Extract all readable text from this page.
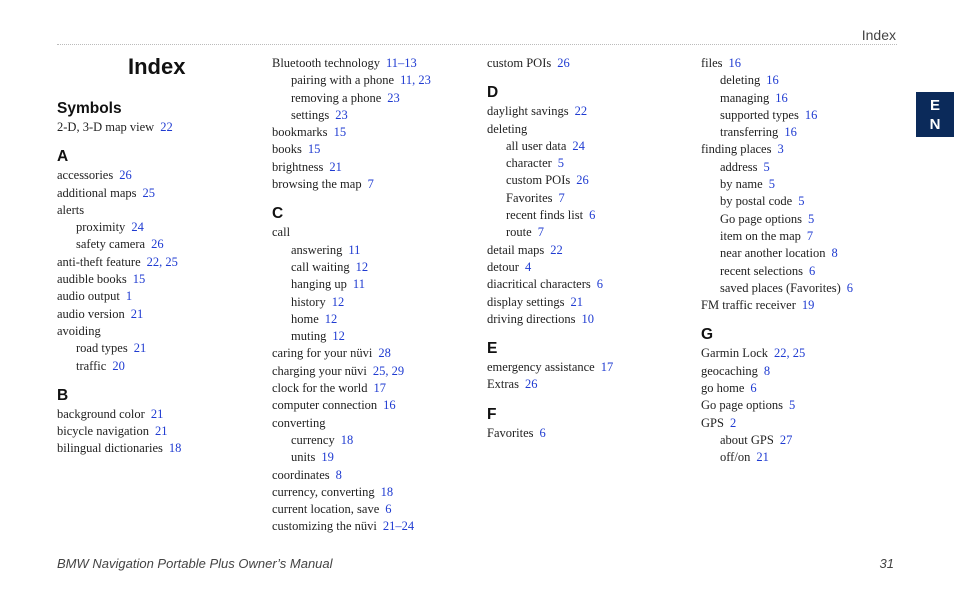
Index
E
N
Index
Symbols
2-D, 3-D map view 22
A
accessories 26
additional maps 25
alerts
proximity 24
safety camera 26
anti-theft feature 22, 25
audible books 15
audio output 1
audio version 21
avoiding
road types 21
traffic 20
B
background color 21
bicycle navigation 21
bilingual dictionaries 18
Bluetooth technology 11–13
pairing with a phone 11, 23
removing a phone 23
settings 23
bookmarks 15
books 15
brightness 21
browsing the map 7
C
call
answering 11
call waiting 12
hanging up 11
history 12
home 12
muting 12
caring for your nüvi 28
charging your nüvi 25, 29
clock for the world 17
computer connection 16
converting
currency 18
units 19
coordinates 8
currency, converting 18
current location, save 6
customizing the nüvi 21–24
custom POIs 26
D
daylight savings 22
deleting
all user data 24
character 5
custom POIs 26
Favorites 7
recent finds list 6
route 7
detail maps 22
detour 4
diacritical characters 6
display settings 21
driving directions 10
E
emergency assistance 17
Extras 26
F
Favorites 6
files 16
deleting 16
managing 16
supported types 16
transferring 16
finding places 3
address 5
by name 5
by postal code 5
Go page options 5
item on the map 7
near another location 8
recent selections 6
saved places (Favorites) 6
FM traffic receiver 19
G
Garmin Lock 22, 25
geocaching 8
go home 6
Go page options 5
GPS 2
about GPS 27
off/on 21
BMW Navigation Portable Plus Owner’s Manual	31
